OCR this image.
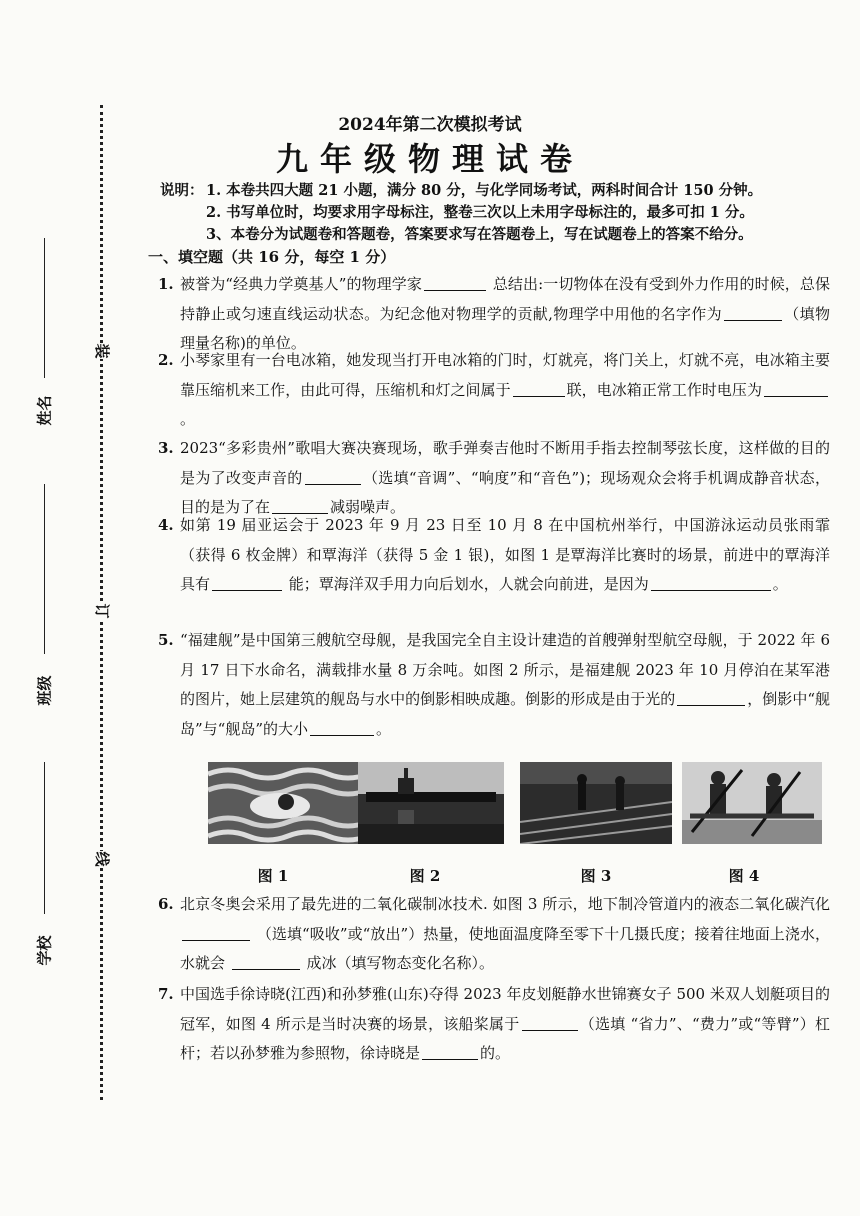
装
订
线
姓名
班级
学校
2024年第二次模拟考试
九年级物理试卷
说明： 1. 本卷共四大题 21 小题，满分 80 分，与化学同场考试，两科时间合计 150 分钟。
2. 书写单位时，均要求用字母标注，整卷三次以上未用字母标注的，最多可扣 1 分。
3、本卷分为试题卷和答题卷，答案要求写在答题卷上，写在试题卷上的答案不给分。
一、填空题（共 16 分，每空 1 分）
1. 被誉为“经典力学奠基人”的物理学家	总结出:一切物体在没有受到外力作用的时候，总保持静止或匀速直线运动状态。为纪念他对物理学的贡献,物理学中用他的名字作为	（填物理量名称)的单位。
2. 小琴家里有一台电冰箱，她发现当打开电冰箱的门时，灯就亮，将门关上，灯就不亮，电冰箱主要靠压缩机来工作，由此可得，压缩机和灯之间属于	联，电冰箱正常工作时电压为。
3. 2023“多彩贵州”歌唱大赛决赛现场，歌手弹奏吉他时不断用手指去控制琴弦长度，这样做的目的是为了改变声音的	（选填“音调”、“响度”和“音色”)；现场观众会将手机调成静音状态，目的是为了在	减弱噪声。
4. 如第 19 届亚运会于 2023 年 9 月 23 日至 10 月 8 在中国杭州举行，中国游泳运动员张雨霏（获得 6 枚金牌）和覃海洋（获得 5 金 1 银)，如图 1 是覃海洋比赛时的场景，前进中的覃海洋具有	能；覃海洋双手用力向后划水，人就会向前进，是因为	。
5. “福建舰”是中国第三艘航空母舰，是我国完全自主设计建造的首艘弹射型航空母舰，于 2022 年 6 月 17 日下水命名，满载排水量 8 万余吨。如图 2 所示，是福建舰 2023 年 10 月停泊在某军港的图片，她上层建筑的舰岛与水中的倒影相映成趣。倒影的形成是由于光的	，倒影中“舰岛”与“舰岛”的大小	。
图 1	图 2	图 3	图 4
6. 北京冬奥会采用了最先进的二氧化碳制冰技术. 如图 3 所示，地下制冷管道内的液态二氧化碳汽化  （选填“吸收”或“放出”）热量，使地面温度降至零下十几摄氏度；接着往地面上浇水，水就会	成冰（填写物态变化名称）。
7. 中国选手徐诗晓(江西)和孙梦雅(山东)夺得 2023 年皮划艇静水世锦赛女子 500 米双人划艇项目的冠军，如图 4 所示是当时决赛的场景，该船桨属于	（选填 “省力”、“费力”或“等臂”）杠杆；若以孙梦雅为参照物，徐诗晓是	的。
